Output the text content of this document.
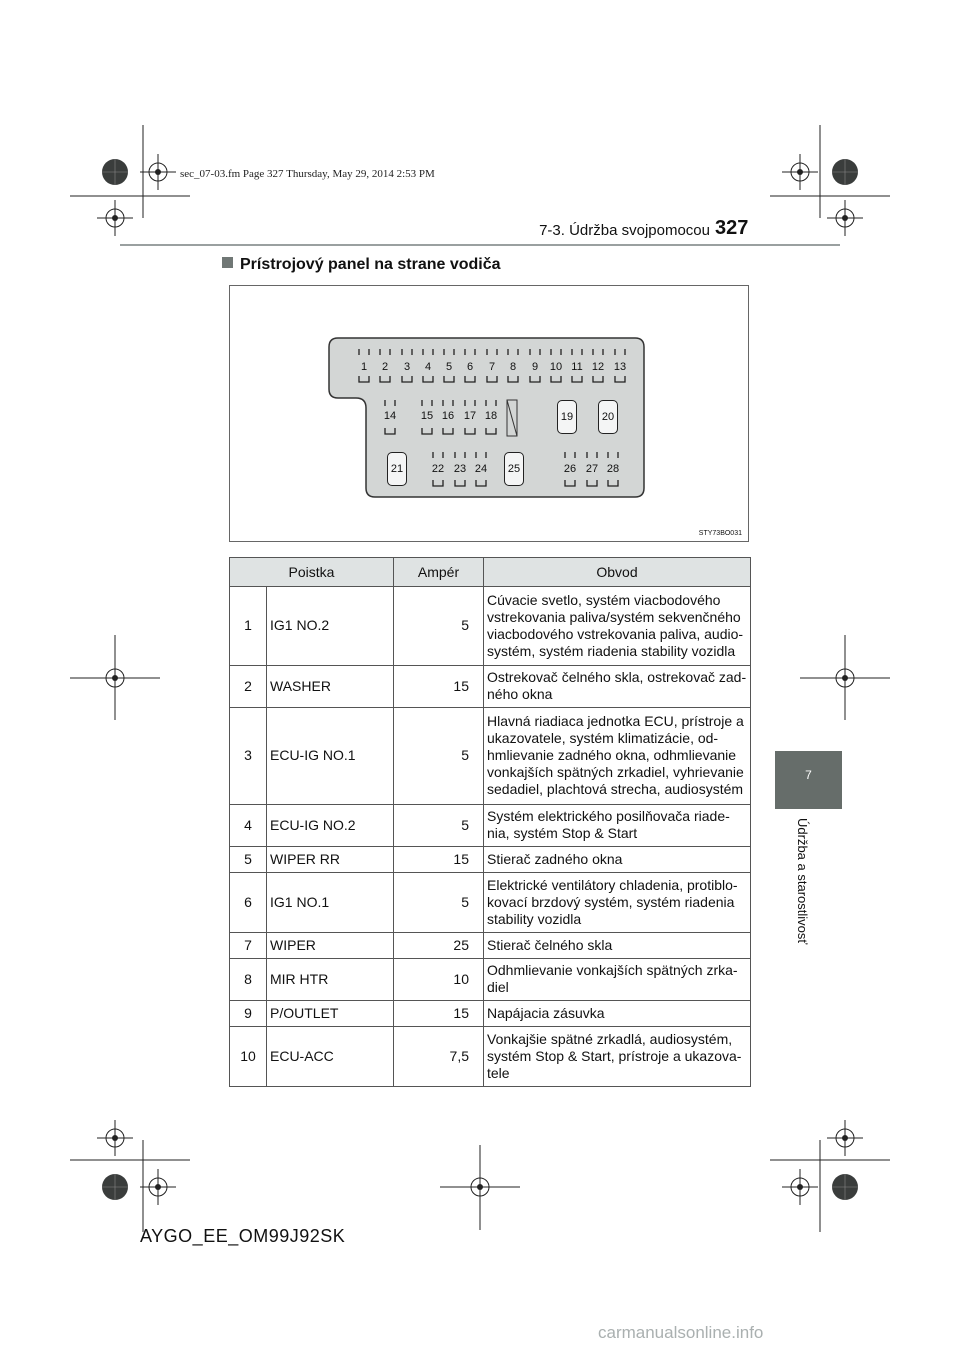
sec_07-03.fm Page 327 Thursday, May 29, 2014 2:53 PM
7-3. Údržba svojpomocou 327
7
Údržba a starostlivosť
Prístrojový panel na strane vodiča
1 2 3 4 5 6 7 8 9 10 11 12 13
14 15 16 17 18	19	20
21	22 23 24	25	26 27 28
STY73BO031
Poistka		Ampér	Obvod
1	IG1 NO.2	5	Cúvacie svetlo, systém viacbodového vstrekovania paliva/systém sekvenčného viacbodového vstrekovania paliva, audio-systém, systém riadenia stability vozidla
2	WASHER	15	Ostrekovač čelného skla, ostrekovač zad-ného okna
3	ECU-IG NO.1	5	Hlavná riadiaca jednotka ECU, prístroje a ukazovatele, systém klimatizácie, od-hmlievanie zadného okna, odhmlievanie vonkajších spätných zrkadiel, vyhrievanie sedadiel, plachtová strecha, audiosystém
4	ECU-IG NO.2	5	Systém elektrického posilňovača riade-nia, systém Stop & Start
5	WIPER RR	15	Stierač zadného okna
6	IG1 NO.1	5	Elektrické ventilátory chladenia, protiblo-kovací brzdový systém, systém riadenia stability vozidla
7	WIPER	25	Stierač čelného skla
8	MIR HTR	10	Odhmlievanie vonkajších spätných zrka-diel
9	P/OUTLET	15	Napájacia zásuvka
10	ECU-ACC	7,5	Vonkajšie spätné zrkadlá, audiosystém, systém Stop & Start, prístroje a ukazova-tele
AYGO_EE_OM99J92SK
carmanualsonline.info
